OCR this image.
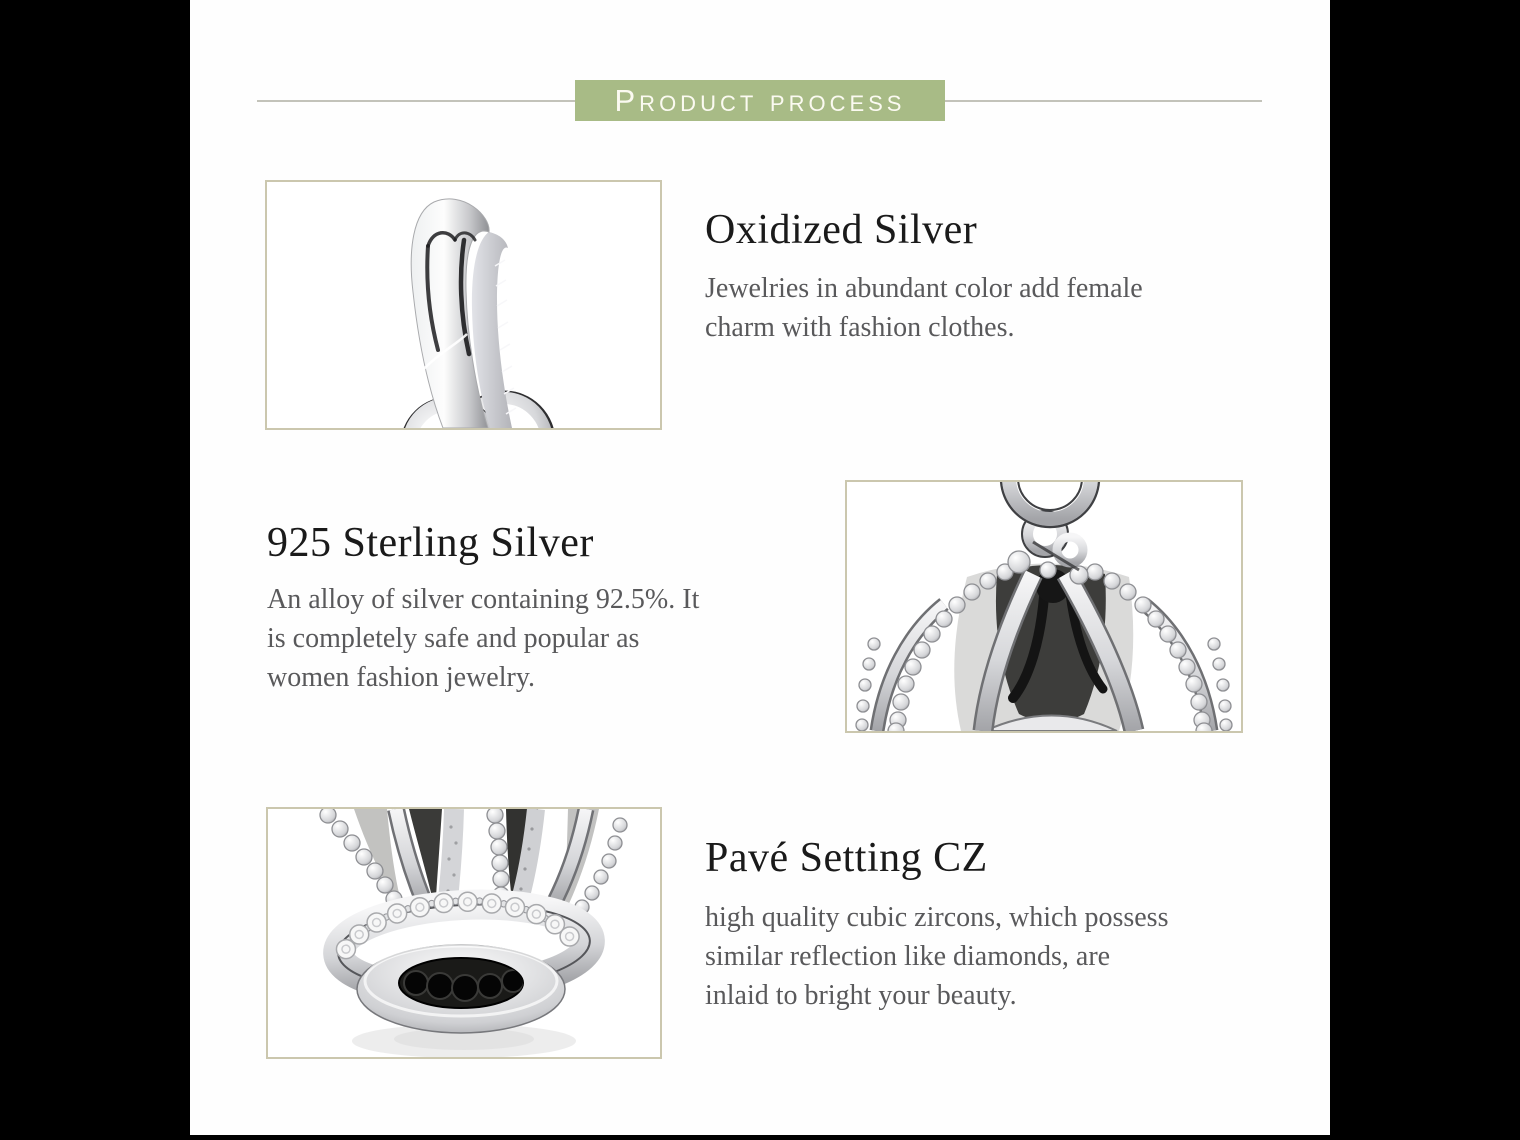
Product process
Oxidized Silver

Jewelries in abundant color add female
charm with fashion clothes.

925 Sterling Silver

An alloy of silver containing 92.5%. It
is completely safe and popular as
women fashion jewelry.

Pavé Setting CZ

high quality cubic zircons, which possess
similar reflection like diamonds, are
inlaid to bright your beauty.
